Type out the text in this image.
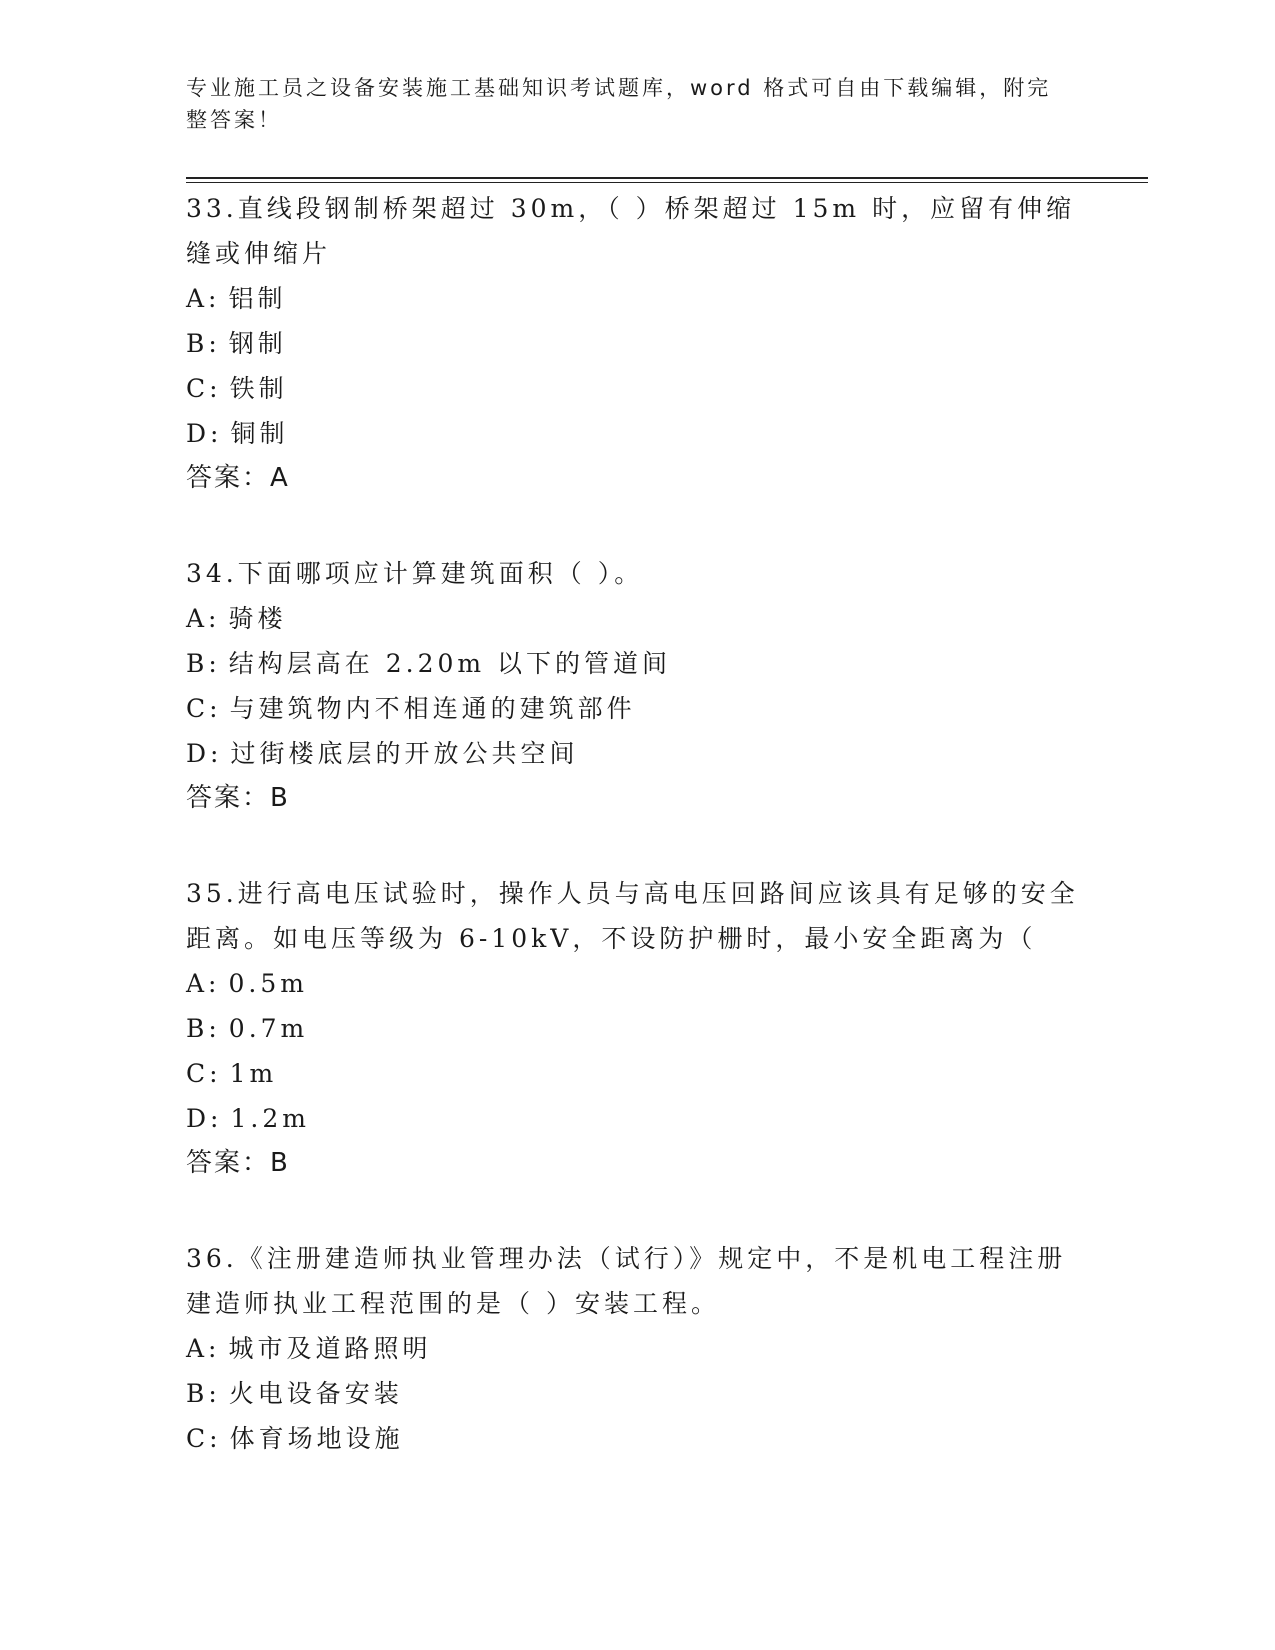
专业施工员之设备安装施工基础知识考试题库，word 格式可自由下载编辑，附完整答案！

33.直线段钢制桥架超过 30m，（ ）桥架超过 15m 时，应留有伸缩缝或伸缩片

A: 铝制

B: 钢制

C: 铁制

D: 铜制

答案：A

34.下面哪项应计算建筑面积（ ）。

A: 骑楼

B: 结构层高在 2.20m 以下的管道间

C: 与建筑物内不相连通的建筑部件

D: 过街楼底层的开放公共空间

答案：B

35.进行高电压试验时，操作人员与高电压回路间应该具有足够的安全距离。如电压等级为 6-10kV，不设防护栅时，最小安全距离为（

A: 0.5m

B: 0.7m

C: 1m

D: 1.2m

答案：B

36.《注册建造师执业管理办法（试行）》规定中，不是机电工程注册建造师执业工程范围的是（ ）安装工程。

A: 城市及道路照明

B: 火电设备安装

C: 体育场地设施
